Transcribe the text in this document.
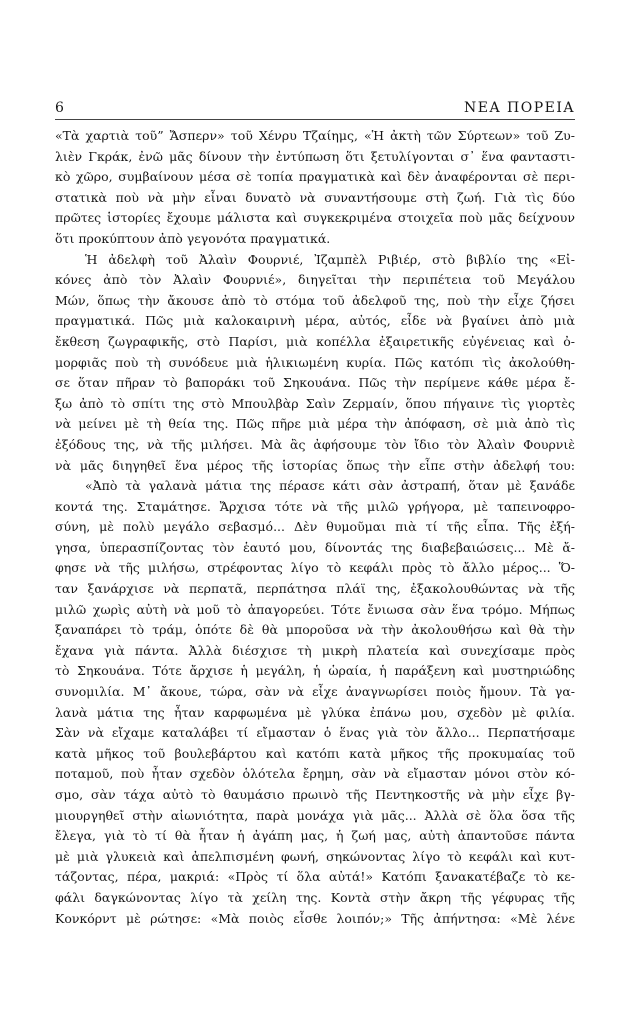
6	ΝΕΑ ΠΟΡΕΙΑ
«Τὰ χαρτιὰ τοῦ” Ἄσπερν» τοῦ Χένρυ Τζαίημς, «Ἡ ἀκτὴ τῶν Σύρτεων» τοῦ Ζυ-
λιὲν Γκράκ, ἐνῶ μᾶς δίνουν τὴν ἐντύπωση ὅτι ξετυλίγονται σ᾽ ἕνα φανταστι-
κὸ χῶρο, συμβαίνουν μέσα σὲ τοπία πραγματικὰ καὶ δὲν ἀναφέρονται σὲ περι-
στατικὰ ποὺ νὰ μὴν εἶναι δυνατὸ νὰ συναντήσουμε στὴ ζωή. Γιὰ τὶς δύο
πρῶτες ἱστορίες ἔχουμε μάλιστα καὶ συγκεκριμένα στοιχεῖα ποὺ μᾶς δείχνουν
ὅτι προκύπτουν ἀπὸ γεγονότα πραγματικά.
Ἡ ἀδελφὴ τοῦ Ἀλαὶν Φουρνιέ, Ἰζαμπὲλ Ριβιέρ, στὸ βιβλίο της «Εἰ-
κόνες ἀπὸ τὸν Ἀλαὶν Φουρνιέ», διηγεῖται τὴν περιπέτεια τοῦ Μεγάλου
Μών, ὅπως τὴν ἄκουσε ἀπὸ τὸ στόμα τοῦ ἀδελφοῦ της, ποὺ τὴν εἶχε ζήσει
πραγματικά. Πῶς μιὰ καλοκαιρινὴ μέρα, αὐτός, εἶδε νὰ βγαίνει ἀπὸ μιὰ
ἔκθεση ζωγραφικῆς, στὸ Παρίσι, μιὰ κοπέλλα ἐξαιρετικῆς εὐγένειας καὶ ὀ-
μορφιᾶς ποὺ τὴ συνόδευε μιὰ ἡλικιωμένη κυρία. Πῶς κατόπι τὶς ἀκολούθη-
σε ὅταν πῆραν τὸ βαποράκι τοῦ Σηκουάνα. Πῶς τὴν περίμενε κάθε μέρα ἔ-
ξω ἀπὸ τὸ σπίτι της στὸ Μπουλβὰρ Σαὶν Ζερμαίν, ὅπου πήγαινε τὶς γιορτὲς
νὰ μείνει μὲ τὴ θεία της. Πῶς πῆρε μιὰ μέρα τὴν ἀπόφαση, σὲ μιὰ ἀπὸ τὶς
ἐξόδους της, νὰ τῆς μιλήσει. Μὰ ἂς ἀφήσουμε τὸν ἴδιο τὸν Ἀλαὶν Φουρνιὲ
νὰ μᾶς διηγηθεῖ ἕνα μέρος τῆς ἱστορίας ὅπως τὴν εἶπε στὴν ἀδελφή του:
«Ἀπὸ τὰ γαλανὰ μάτια της πέρασε κάτι σὰν ἀστραπή, ὅταν μὲ ξανάδε
κοντά της. Σταμάτησε. Ἄρχισα τότε νὰ τῆς μιλῶ γρήγορα, μὲ ταπεινοφρο-
σύνη, μὲ πολὺ μεγάλο σεβασμό... Δὲν θυμοῦμαι πιὰ τί τῆς εἶπα. Τῆς ἐξή-
γησα, ὑπερασπίζοντας τὸν ἑαυτό μου, δίνοντάς της διαβεβαιώσεις... Μὲ ἄ-
φησε νὰ τῆς μιλήσω, στρέφοντας λίγο τὸ κεφάλι πρὸς τὸ ἄλλο μέρος... Ὅ-
ταν ξανάρχισε νὰ περπατᾶ, περπάτησα πλάϊ της, ἐξακολουθώντας νὰ τῆς
μιλῶ χωρὶς αὐτὴ νὰ μοῦ τὸ ἀπαγορεύει. Τότε ἔνιωσα σὰν ἕνα τρόμο. Μήπως
ξαναπάρει τὸ τράμ, ὁπότε δὲ θὰ μποροῦσα νὰ τὴν ἀκολουθήσω καὶ θὰ τὴν
ἔχανα γιὰ πάντα. Ἀλλὰ διέσχισε τὴ μικρὴ πλατεία καὶ συνεχίσαμε πρὸς
τὸ Σηκουάνα. Τότε ἄρχισε ἡ μεγάλη, ἡ ὡραία, ἡ παράξενη καὶ μυστηριώδης
συνομιλία. Μ᾽ ἄκουε, τώρα, σὰν νὰ εἶχε ἀναγνωρίσει ποιὸς ἤμουν. Τὰ γα-
λανὰ μάτια της ἦταν καρφωμένα μὲ γλύκα ἐπάνω μου, σχεδὸν μὲ φιλία.
Σὰν νὰ εἴχαμε καταλάβει τί εἴμασταν ὁ ἕνας γιὰ τὸν ἄλλο... Περπατήσαμε
κατὰ μῆκος τοῦ βουλεβάρτου καὶ κατόπι κατὰ μῆκος τῆς προκυμαίας τοῦ
ποταμοῦ, ποὺ ἦταν σχεδὸν ὁλότελα ἔρημη, σὰν νὰ εἴμασταν μόνοι στὸν κό-
σμο, σὰν τάχα αὐτὸ τὸ θαυμάσιο πρωινὸ τῆς Πεντηκοστῆς νὰ μὴν εἶχε βγ-
μιουργηθεῖ στὴν αἰωνιότητα, παρὰ μονάχα γιὰ μᾶς... Ἀλλὰ σὲ ὅλα ὅσα τῆς
ἔλεγα, γιὰ τὸ τί θὰ ἦταν ἡ ἀγάπη μας, ἡ ζωή μας, αὐτὴ ἀπαντοῦσε πάντα
μὲ μιὰ γλυκειὰ καὶ ἀπελπισμένη φωνή, σηκώνοντας λίγο τὸ κεφάλι καὶ κυτ-
τάζοντας, πέρα, μακριά: «Πρὸς τί ὅλα αὐτά!» Κατόπι ξανακατέβαζε τὸ κε-
φάλι δαγκώνοντας λίγο τὰ χείλη της. Κοντὰ στὴν ἄκρη τῆς γέφυρας τῆς
Κονκόρντ μὲ ρώτησε: «Μὰ ποιὸς εἶσθε λοιπόν;» Τῆς ἀπήντησα: «Μὲ λένε
